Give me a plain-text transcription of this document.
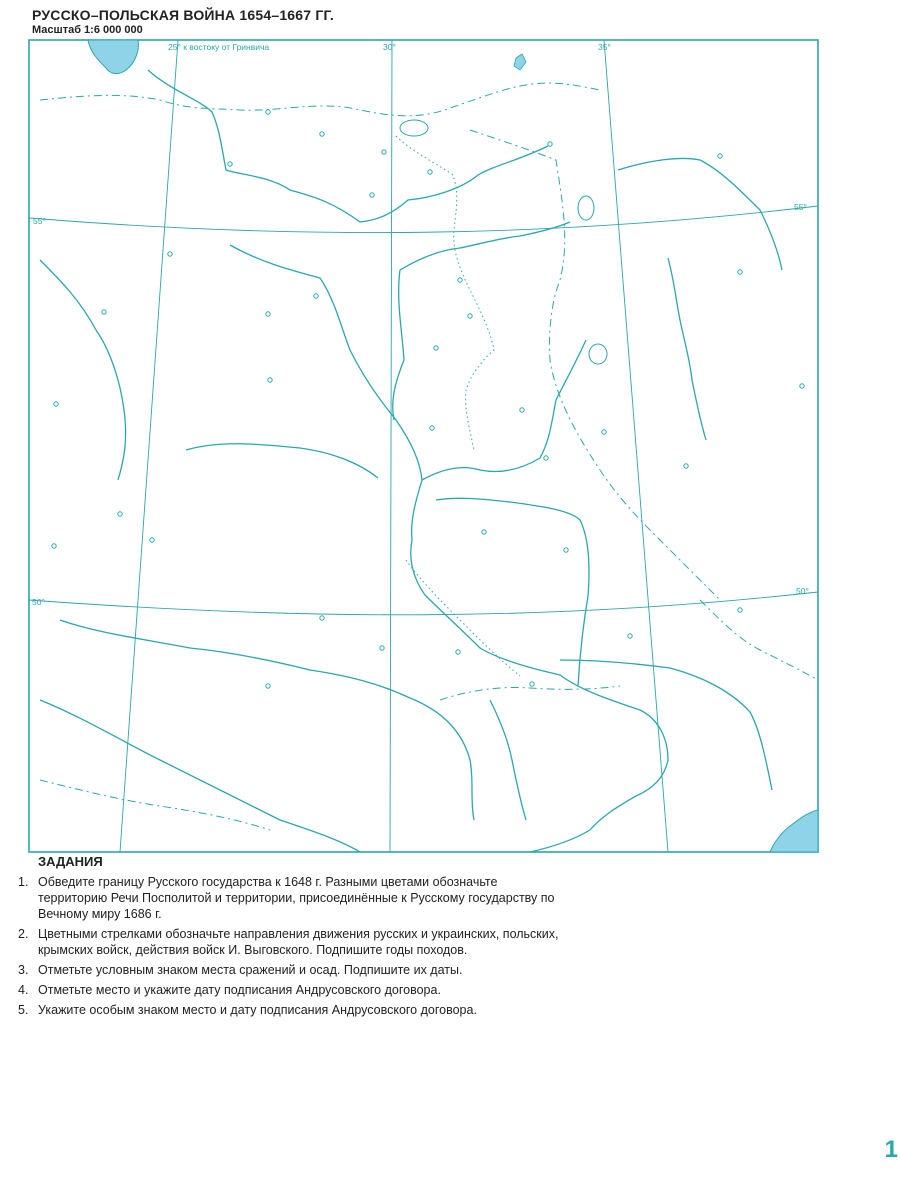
РУССКО–ПОЛЬСКАЯ ВОЙНА 1654–1667 ГГ.
Масштаб 1:6 000 000
25° к востоку от Гринвича	30°	35°
55°
55°
50°
50°
ЗАДАНИЯ
1. Обведите границу Русского государства к 1648 г. Разными цветами обозначьте территорию Речи Посполитой и территории, присоединённые к Русскому государству по Вечному миру 1686 г.
2. Цветными стрелками обозначьте направления движения русских и украинских, польских, крымских войск, действия войск И. Выговского. Подпишите годы походов.
3. Отметьте условным знаком места сражений и осад. Подпишите их даты.
4. Отметьте место и укажите дату подписания Андрусовского договора.
5. Укажите особым знаком место и дату подписания Андрусовского договора.
1
